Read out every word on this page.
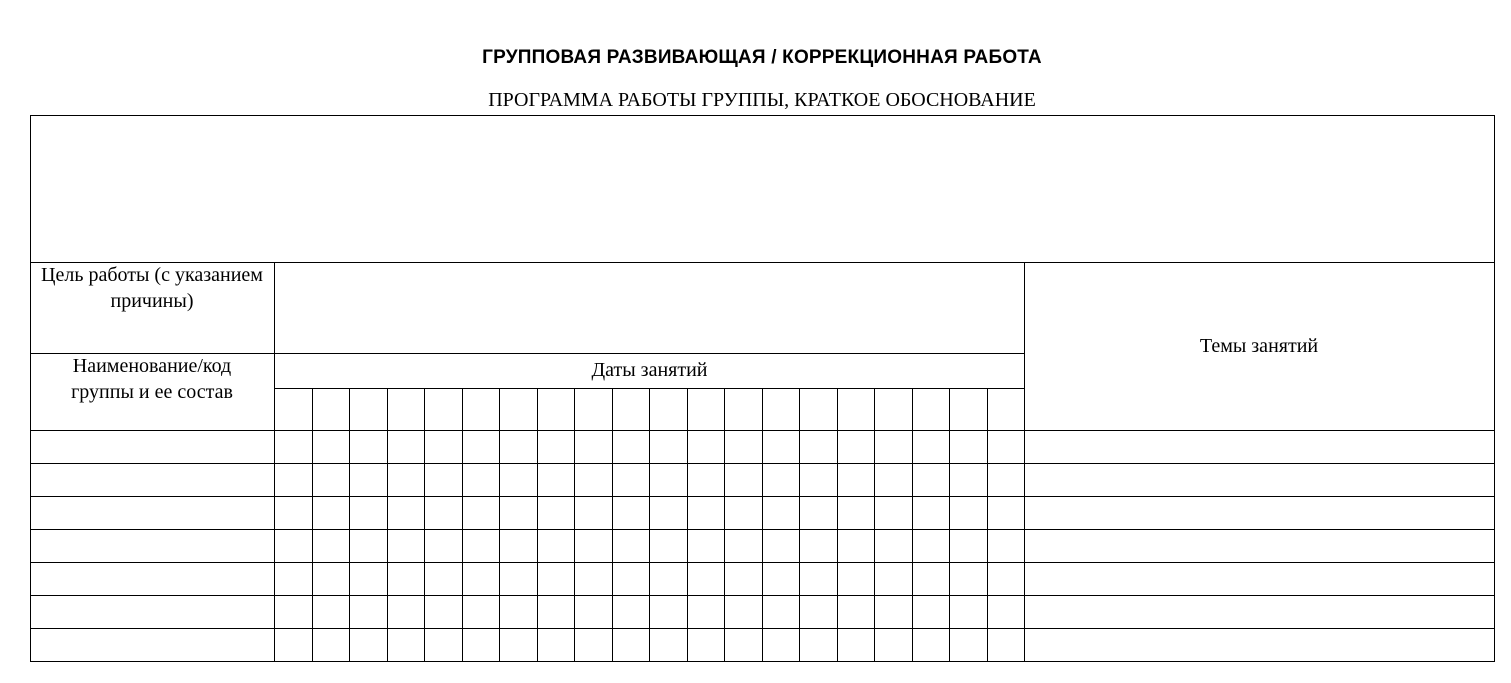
ГРУППОВАЯ РАЗВИВАЮЩАЯ / КОРРЕКЦИОННАЯ РАБОТА
ПРОГРАММА РАБОТЫ ГРУППЫ, КРАТКОЕ ОБОСНОВАНИЕ
Цель работы (с указанием причины)
Наименование/код группы и ее состав
Даты занятий
Темы занятий
